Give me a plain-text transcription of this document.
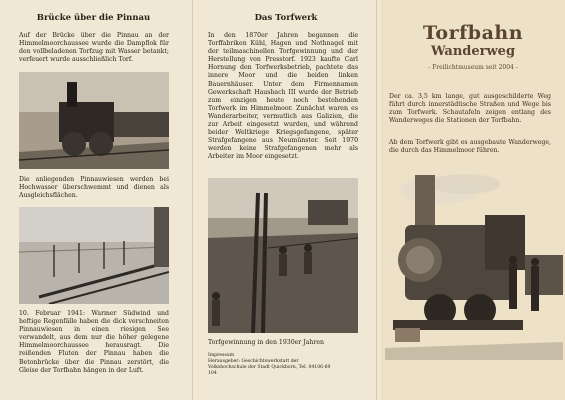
Brücke über die Pinnau
Auf der Brücke über die Pinnau an der Himmelmoorchaussee wurde die Dampflok für den vollbeladenen Torfzug mit Wasser betankt; verfeuert wurde ausschließlich Torf.
Die anliegenden Pinnauwiesen werden bei Hochwasser überschwemmt und dienen als Ausgleichsflächen.
10. Februar 1941: Warmer Südwind und heftige Regenfälle haben die dick verschneiten Pinnauwiesen in einen riesigen See verwandelt, aus dem nur die höher gelegene Himmelmoorchaussee herausragt. Die reißenden Fluten der Pinnau haben die Betonbrücke über die Pinnau zerstört, die Gleise der Torfbahn hängen in der Luft.
Das Torfwerk
In den 1870er Jahren begannen die Torffabriken Kühl, Hagen und Nothnagel mit der teilmaschinellen Torfgewinnung und der Herstellung von Presstorf. 1923 kaufte Carl Hornung den Torfwerksbetrieb, pachtete das innere Moor und die beiden linken Bauernhäuser. Unter dem Firmennamen Gewerkschaft Hausbach III wurde der Betrieb zum einzigen heute noch bestehenden Torfwerk im Himmelmoor. Zunächst waren es Wanderarbeiter, vermutlich aus Galizien, die zur Arbeit eingesetzt wurden, und während beider Weltkriege Kriegsgefangene, später Strafgefangene aus Neumünster. Seit 1970 werden keine Strafgefangenen mehr als Arbeiter im Moor eingesetzt.
Torfgewinnung in den 1930er Jahren
Impressum
Herausgeber: Geschichtswerkstatt der Volkshochschule der Stadt Quickborn, Tel. 04106-69 104
Torfbahn
Wanderweg
- Freilichtmuseum seit 2004 -
Der ca. 3,5 km lange, gut ausgeschilderte Weg führt durch innerstädtische Straßen und Wege bis zum Torfwerk. Schautafeln zeigen entlang des Wanderweges die Stationen der Torfbahn.
Ab dem Torfwerk gibt es ausgebaute Wanderwege, die durch das Himmelmoor führen.
